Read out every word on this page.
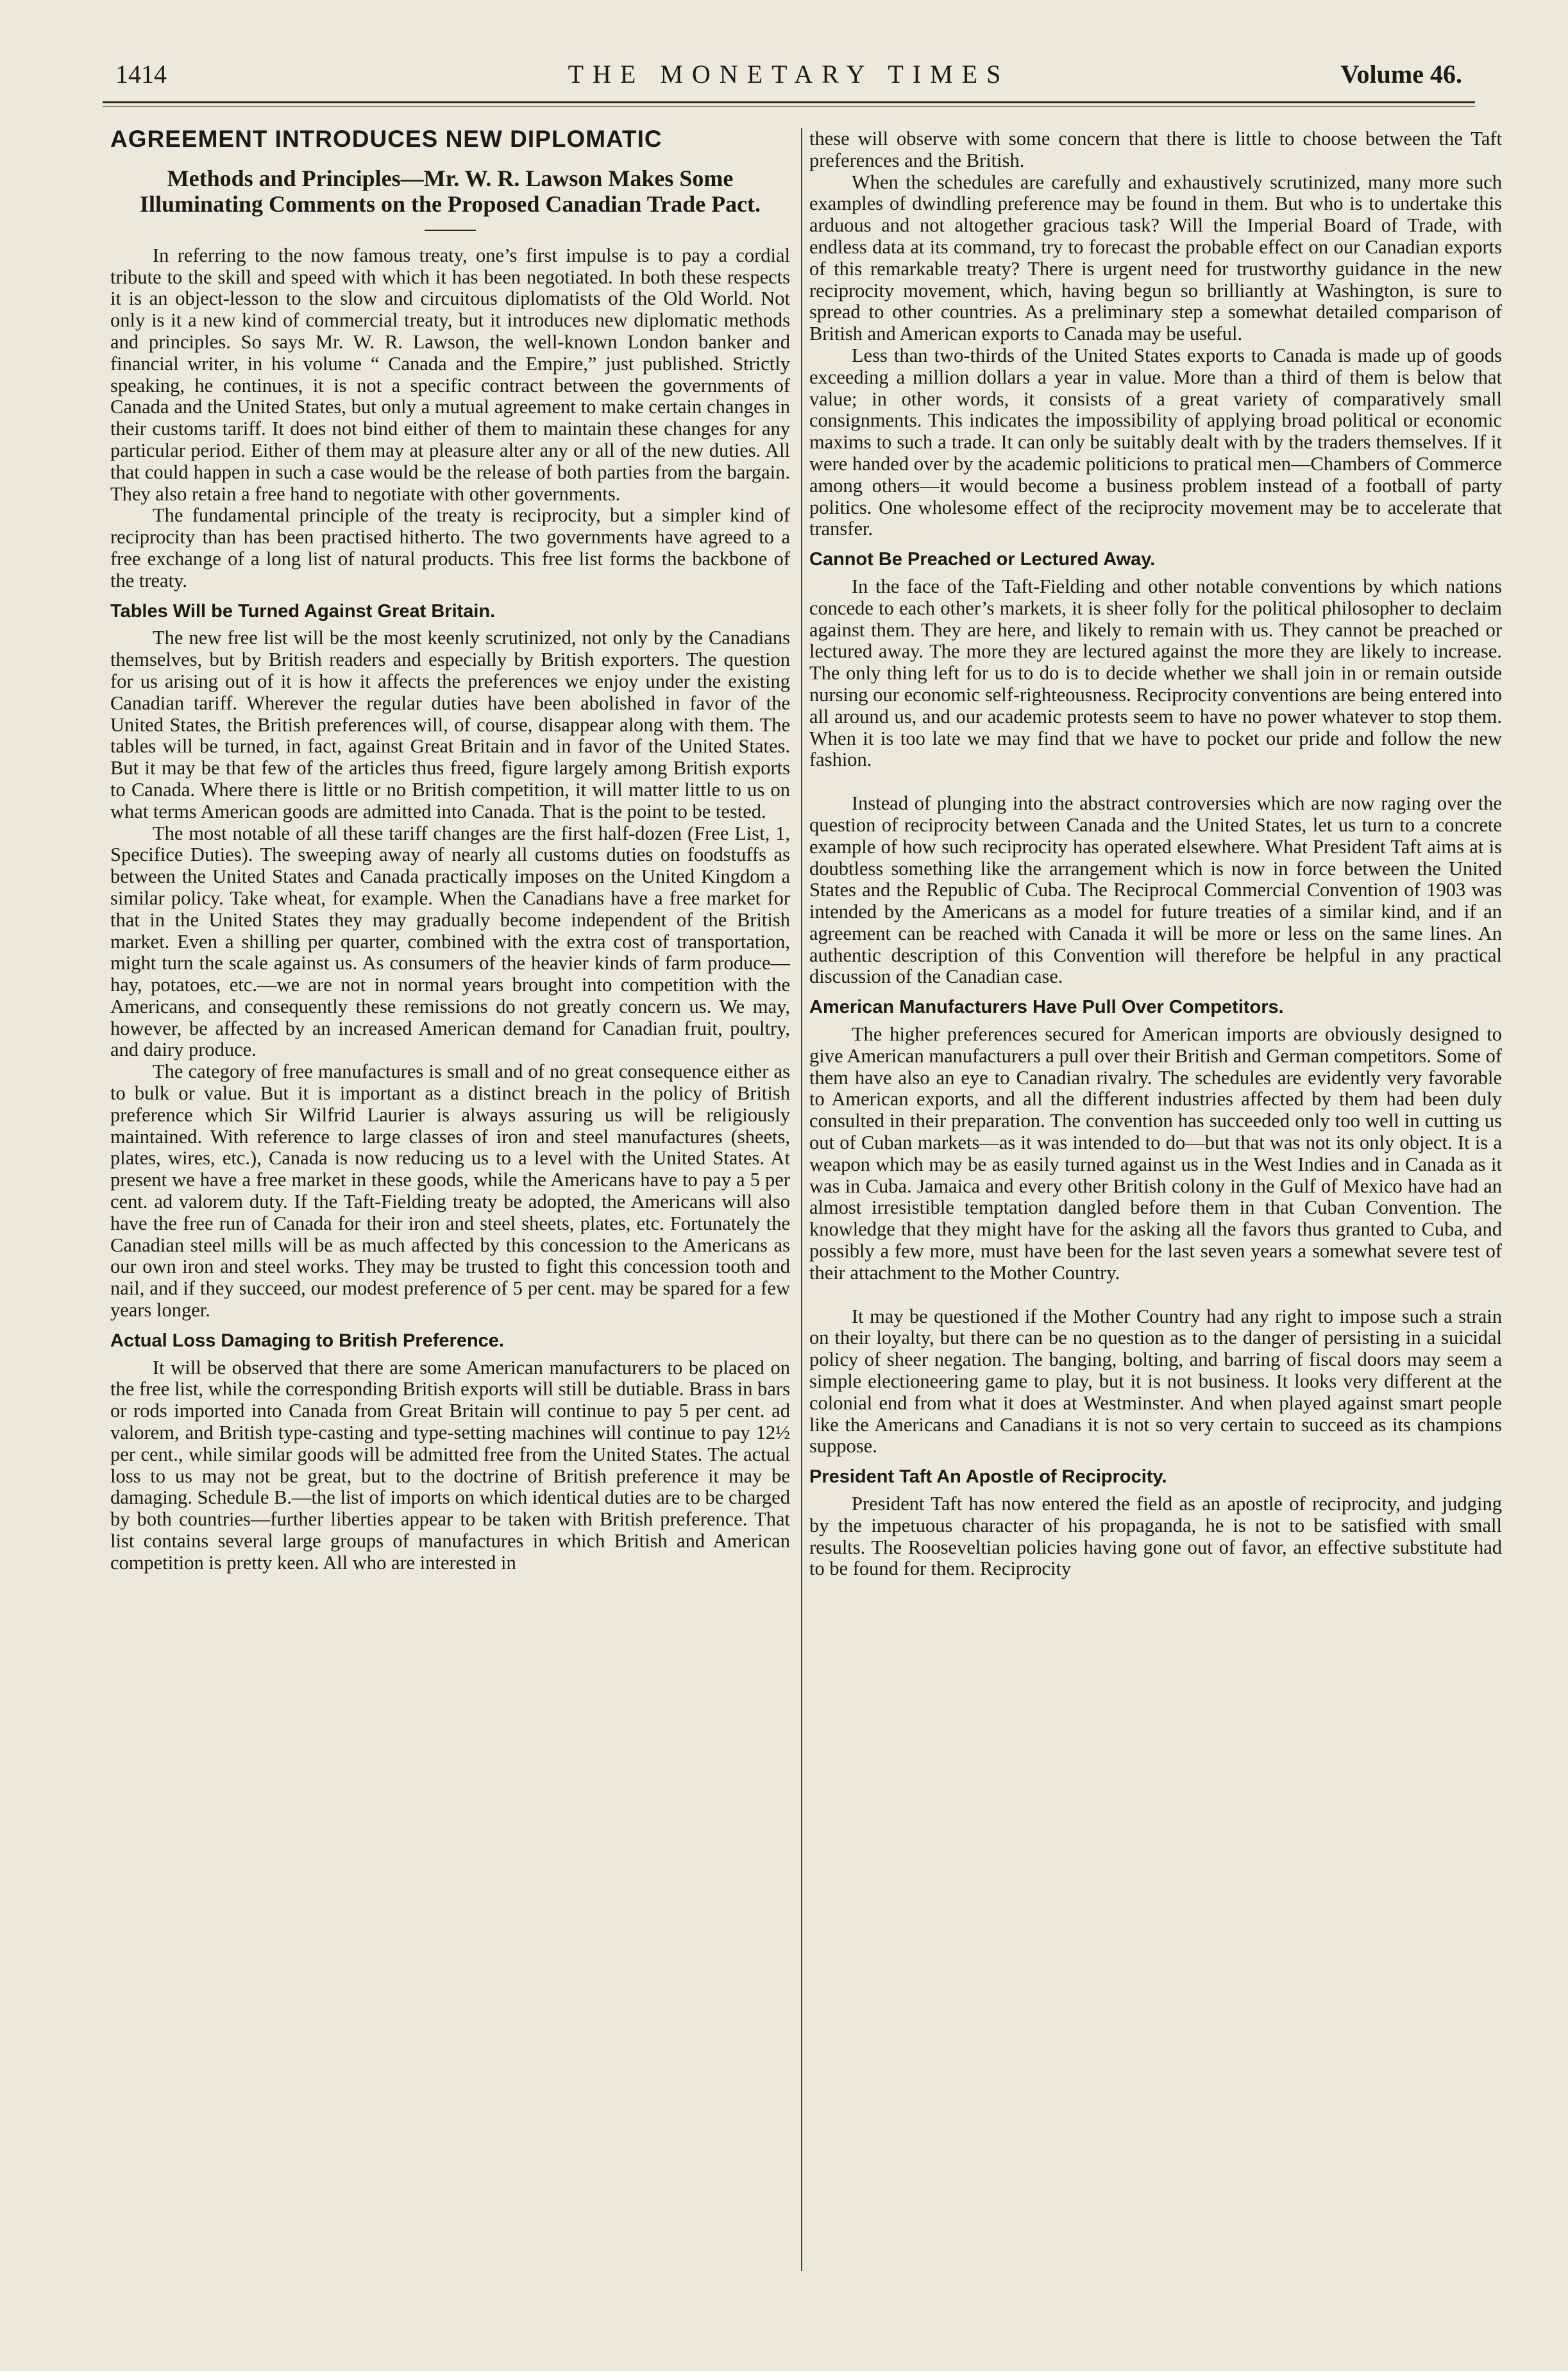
1414	THE MONETARY TIMES	Volume 46.
AGREEMENT INTRODUCES NEW DIPLOMATIC
Methods and Principles—Mr. W. R. Lawson Makes Some Illuminating Comments on the Proposed Canadian Trade Pact.

In referring to the now famous treaty, one’s first impulse is to pay a cordial tribute to the skill and speed with which it has been negotiated. In both these respects it is an object-lesson to the slow and circuitous diplomatists of the Old World. Not only is it a new kind of commercial treaty, but it introduces new diplomatic methods and principles. So says Mr. W. R. Lawson, the well-known London banker and financial writer, in his volume “ Canada and the Empire,” just published. Strictly speaking, he continues, it is not a specific contract between the governments of Canada and the United States, but only a mutual agreement to make certain changes in their customs tariff. It does not bind either of them to maintain these changes for any particular period. Either of them may at pleasure alter any or all of the new duties. All that could happen in such a case would be the release of both parties from the bargain. They also retain a free hand to negotiate with other governments.

The fundamental principle of the treaty is reciprocity, but a simpler kind of reciprocity than has been practised hitherto. The two governments have agreed to a free exchange of a long list of natural products. This free list forms the backbone of the treaty.

Tables Will be Turned Against Great Britain.

The new free list will be the most keenly scrutinized, not only by the Canadians themselves, but by British readers and especially by British exporters. The question for us arising out of it is how it affects the preferences we enjoy under the existing Canadian tariff. Wherever the regular duties have been abolished in favor of the United States, the British preferences will, of course, disappear along with them. The tables will be turned, in fact, against Great Britain and in favor of the United States. But it may be that few of the articles thus freed, figure largely among British exports to Canada. Where there is little or no British competition, it will matter little to us on what terms American goods are admitted into Canada. That is the point to be tested.

The most notable of all these tariff changes are the first half-dozen (Free List, 1, Specifice Duties). The sweeping away of nearly all customs duties on foodstuffs as between the United States and Canada practically imposes on the United Kingdom a similar policy. Take wheat, for example. When the Canadians have a free market for that in the United States they may gradually become independent of the British market. Even a shilling per quarter, combined with the extra cost of transportation, might turn the scale against us. As consumers of the heavier kinds of farm produce—hay, potatoes, etc.—we are not in normal years brought into competition with the Americans, and consequently these remissions do not greatly concern us. We may, however, be affected by an increased American demand for Canadian fruit, poultry, and dairy produce.

The category of free manufactures is small and of no great consequence either as to bulk or value. But it is important as a distinct breach in the policy of British preference which Sir Wilfrid Laurier is always assuring us will be religiously maintained. With reference to large classes of iron and steel manufactures (sheets, plates, wires, etc.), Canada is now reducing us to a level with the United States. At present we have a free market in these goods, while the Americans have to pay a 5 per cent. ad valorem duty. If the Taft-Fielding treaty be adopted, the Americans will also have the free run of Canada for their iron and steel sheets, plates, etc. Fortunately the Canadian steel mills will be as much affected by this concession to the Americans as our own iron and steel works. They may be trusted to fight this concession tooth and nail, and if they succeed, our modest preference of 5 per cent. may be spared for a few years longer.

Actual Loss Damaging to British Preference.

It will be observed that there are some American manufacturers to be placed on the free list, while the corresponding British exports will still be dutiable. Brass in bars or rods imported into Canada from Great Britain will continue to pay 5 per cent. ad valorem, and British type-casting and type-setting machines will continue to pay 12½ per cent., while similar goods will be admitted free from the United States. The actual loss to us may not be great, but to the doctrine of British preference it may be damaging. Schedule B.—the list of imports on which identical duties are to be charged by both countries—further liberties appear to be taken with British preference. That list contains several large groups of manufactures in which British and American competition is pretty keen. All who are interested in

these will observe with some concern that there is little to choose between the Taft preferences and the British.

When the schedules are carefully and exhaustively scrutinized, many more such examples of dwindling preference may be found in them. But who is to undertake this arduous and not altogether gracious task? Will the Imperial Board of Trade, with endless data at its command, try to forecast the probable effect on our Canadian exports of this remarkable treaty? There is urgent need for trustworthy guidance in the new reciprocity movement, which, having begun so brilliantly at Washington, is sure to spread to other countries. As a preliminary step a somewhat detailed comparison of British and American exports to Canada may be useful.

Less than two-thirds of the United States exports to Canada is made up of goods exceeding a million dollars a year in value. More than a third of them is below that value; in other words, it consists of a great variety of comparatively small consignments. This indicates the impossibility of applying broad political or economic maxims to such a trade. It can only be suitably dealt with by the traders themselves. If it were handed over by the academic politicions to pratical men—Chambers of Commerce among others—it would become a business problem instead of a football of party politics. One wholesome effect of the reciprocity movement may be to accelerate that transfer.

Cannot Be Preached or Lectured Away.

In the face of the Taft-Fielding and other notable conventions by which nations concede to each other’s markets, it is sheer folly for the political philosopher to declaim against them. They are here, and likely to remain with us. They cannot be preached or lectured away. The more they are lectured against the more they are likely to increase. The only thing left for us to do is to decide whether we shall join in or remain outside nursing our economic self-righteousness. Reciprocity conventions are being entered into all around us, and our academic protests seem to have no power whatever to stop them. When it is too late we may find that we have to pocket our pride and follow the new fashion.

Instead of plunging into the abstract controversies which are now raging over the question of reciprocity between Canada and the United States, let us turn to a concrete example of how such reciprocity has operated elsewhere. What President Taft aims at is doubtless something like the arrangement which is now in force between the United States and the Republic of Cuba. The Reciprocal Commercial Convention of 1903 was intended by the Americans as a model for future treaties of a similar kind, and if an agreement can be reached with Canada it will be more or less on the same lines. An authentic description of this Convention will therefore be helpful in any practical discussion of the Canadian case.

American Manufacturers Have Pull Over Competitors.

The higher preferences secured for American imports are obviously designed to give American manufacturers a pull over their British and German competitors. Some of them have also an eye to Canadian rivalry. The schedules are evidently very favorable to American exports, and all the different industries affected by them had been duly consulted in their preparation. The convention has succeeded only too well in cutting us out of Cuban markets—as it was intended to do—but that was not its only object. It is a weapon which may be as easily turned against us in the West Indies and in Canada as it was in Cuba. Jamaica and every other British colony in the Gulf of Mexico have had an almost irresistible temptation dangled before them in that Cuban Convention. The knowledge that they might have for the asking all the favors thus granted to Cuba, and possibly a few more, must have been for the last seven years a somewhat severe test of their attachment to the Mother Country.

It may be questioned if the Mother Country had any right to impose such a strain on their loyalty, but there can be no question as to the danger of persisting in a suicidal policy of sheer negation. The banging, bolting, and barring of fiscal doors may seem a simple electioneering game to play, but it is not business. It looks very different at the colonial end from what it does at Westminster. And when played against smart people like the Americans and Canadians it is not so very certain to succeed as its champions suppose.

President Taft An Apostle of Reciprocity.

President Taft has now entered the field as an apostle of reciprocity, and judging by the impetuous character of his propaganda, he is not to be satisfied with small results. The Rooseveltian policies having gone out of favor, an effective substitute had to be found for them. Reciprocity
